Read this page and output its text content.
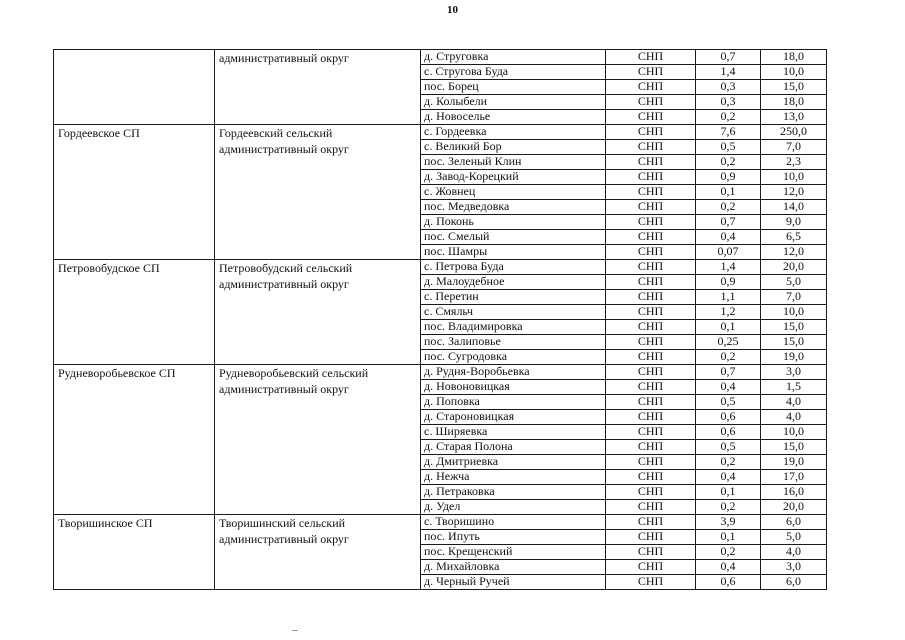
10
	административный округ	д. Струговка	СНП	0,7	18,0
		с. Стругова Буда	СНП	1,4	10,0
		пос. Борец	СНП	0,3	15,0
		д. Колыбели	СНП	0,3	18,0
		д. Новоселье	СНП	0,2	13,0
Гордеевское СП	Гордеевский сельский административный округ	с. Гордеевка	СНП	7,6	250,0
		с. Великий Бор	СНП	0,5	7,0
		пос. Зеленый Клин	СНП	0,2	2,3
		д. Завод-Корецкий	СНП	0,9	10,0
		с. Жовнец	СНП	0,1	12,0
		пос. Медведовка	СНП	0,2	14,0
		д. Поконь	СНП	0,7	9,0
		пос. Смелый	СНП	0,4	6,5
		пос. Шамры	СНП	0,07	12,0
Петровобудское СП	Петровобудский сельский административный округ	с. Петрова Буда	СНП	1,4	20,0
		д. Малоудебное	СНП	0,9	5,0
		с. Перетин	СНП	1,1	7,0
		с. Смяльч	СНП	1,2	10,0
		пос. Владимировка	СНП	0,1	15,0
		пос. Залиповье	СНП	0,25	15,0
		пос. Сугродовка	СНП	0,2	19,0
Рудневоробьевское СП	Рудневоробьевский сельский административный округ	д. Рудня-Воробьевка	СНП	0,7	3,0
		д. Новоновицкая	СНП	0,4	1,5
		д. Поповка	СНП	0,5	4,0
		д. Староновицкая	СНП	0,6	4,0
		с. Ширяевка	СНП	0,6	10,0
		д. Старая Полона	СНП	0,5	15,0
		д. Дмитриевка	СНП	0,2	19,0
		д. Нежча	СНП	0,4	17,0
		д. Петраковка	СНП	0,1	16,0
		д. Удел	СНП	0,2	20,0
Творишинское СП	Творишинский сельский административный округ	с. Творишино	СНП	3,9	6,0
		пос. Ипуть	СНП	0,1	5,0
		пос. Крещенский	СНП	0,2	4,0
		д. Михайловка	СНП	0,4	3,0
		д. Черный Ручей	СНП	0,6	6,0
